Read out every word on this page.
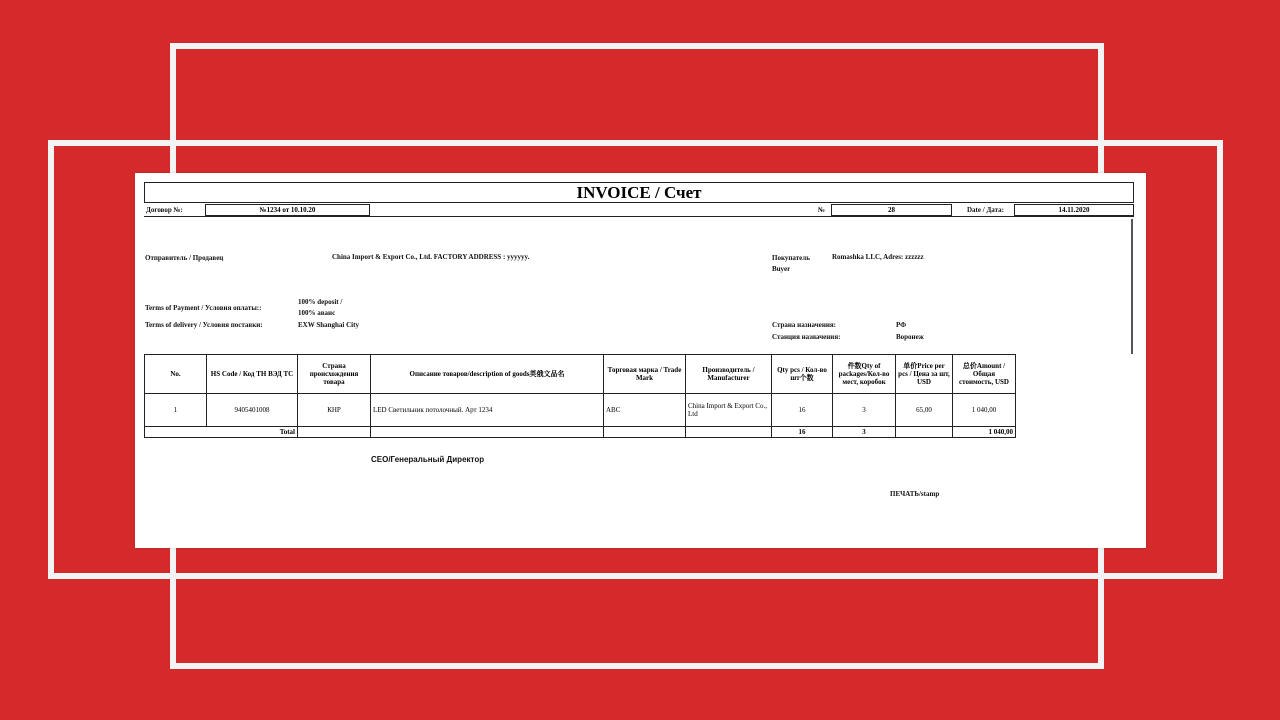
INVOICE / Счет
Договор №:	№1234 от 10.10.20	№	28	Date / Дата:	14.11.2020
Отправитель / Продавец	China Import & Export Co., Ltd. FACTORY ADDRESS : yyyyyy.	Покупатель
Buyer
Romashka LLC, Adres: zzzzzz
Terms of Payment / Условия оплаты::
100% deposit /
100% аванс
Terms of delivery / Условия поставки:	EXW Shanghai City	Страна назначения:	РФ
Станция назначения:	Воронеж
No.	HS Code / Код ТН ВЭД ТС	Страна происхождения товара	Описание товаров/description of goods英俄文品名	Торговая марка / Trade Mark	Производитель / Manufacturer	Qty pcs / Кол-во шт个数	件数Qty of packages/Кол-во мест, коробок	单价Price per pcs / Цена за шт, USD	总价Amount / Общая стоимость, USD
1	9405401008	КНР	LED Светильник потолочный. Арт 1234	ABC	China Import & Export Co., Ltd	16	3	65,00	1 040,00
Total						16	3		1 040,00
CEO/Генеральный Директор
ПЕЧАТЬ/stamp
